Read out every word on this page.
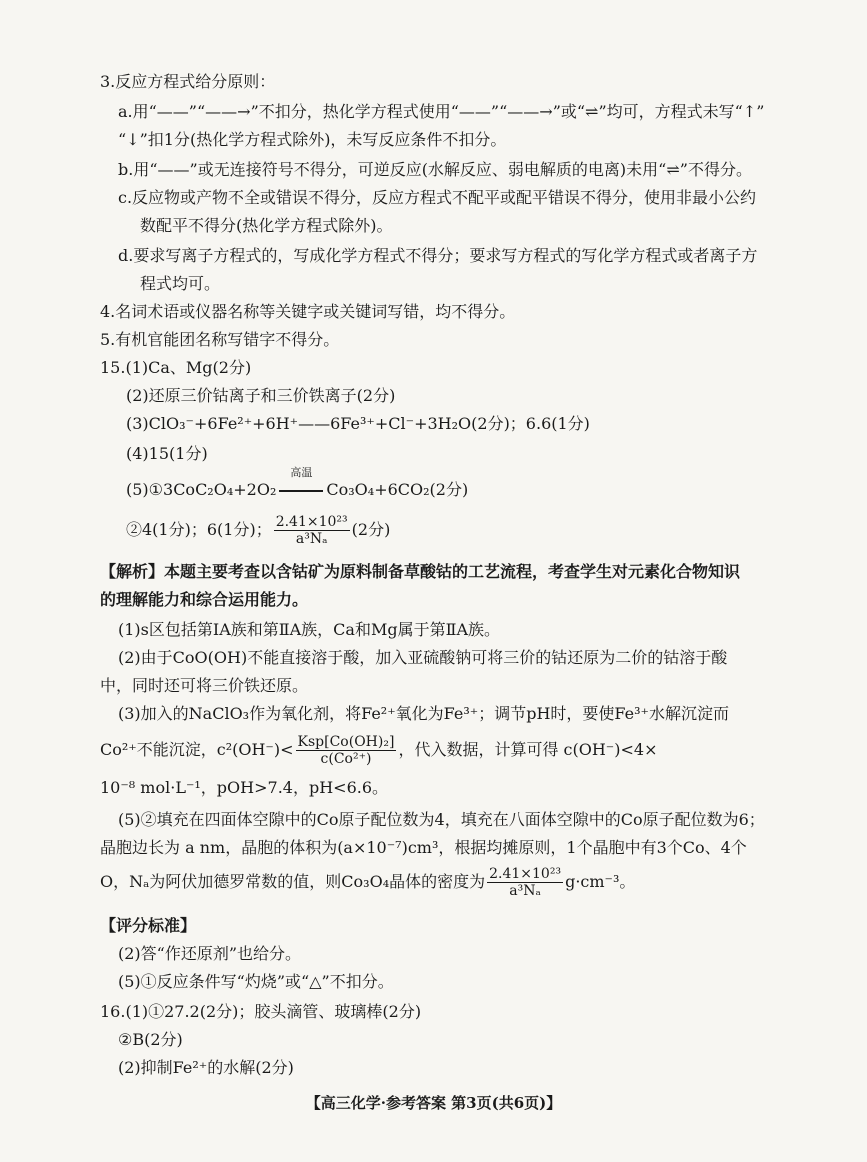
3.反应方程式给分原则：
a.用“——”“——→”不扣分，热化学方程式使用“——”“——→”或“⇌”均可，方程式未写“↑”
“↓”扣1分(热化学方程式除外)，未写反应条件不扣分。
b.用“——”或无连接符号不得分，可逆反应(水解反应、弱电解质的电离)未用“⇌”不得分。
c.反应物或产物不全或错误不得分，反应方程式不配平或配平错误不得分，使用非最小公约
数配平不得分(热化学方程式除外)。
d.要求写离子方程式的，写成化学方程式不得分；要求写方程式的写化学方程式或者离子方
程式均可。
4.名词术语或仪器名称等关键字或关键词写错，均不得分。
5.有机官能团名称写错字不得分。
15.(1)Ca、Mg(2分)
(2)还原三价钴离子和三价铁离子(2分)
(3)ClO₃⁻+6Fe²⁺+6H⁺——6Fe³⁺+Cl⁻+3H₂O(2分)；6.6(1分)
(4)15(1分)
(5)①3CoC₂O₄+2O₂
高温
Co₃O₄+6CO₂(2分)
②4(1分)；6(1分)； $\frac{\text{2.41×10²³}}{\text{a³Nₐ}} (2$分)
【解析】本题主要考查以含钴矿为原料制备草酸钴的工艺流程，考查学生对元素化合物知识
的理解能力和综合运用能力。
(1)s区包括第ⅠA族和第ⅡA族，Ca和Mg属于第ⅡA族。
(2)由于CoO(OH)不能直接溶于酸，加入亚硫酸钠可将三价的钴还原为二价的钴溶于酸
中，同时还可将三价铁还原。
(3)加入的NaClO₃作为氧化剂，将Fe²⁺氧化为Fe³⁺；调节pH时，要使Fe³⁺水解沉淀而
Co²⁺不能沉淀，$c^2(OH^-)< \frac{\text{Ksp[Co(OH)₂]}}{\text{c(Co²⁺)}}$ ，代入数据，计算可得 c(OH⁻)<4×
10⁻⁸ mol·L⁻¹，pOH>7.4，pH<6.6。
(5)②填充在四面体空隙中的Co原子配位数为4，填充在八面体空隙中的Co原子配位数为6；
晶胞边长为 a nm，晶胞的体积为(a×10⁻⁷)cm³，根据均摊原则，1个晶胞中有3个Co、4个
O，Nₐ为阿伏加德罗常数的值，则Co₃O₄晶体的密度为 $\frac{\text{2.41×10²³}}{\text{a³Nₐ}} g\cdot cm^{-3}$。
【评分标准】
(2)答“作还原剂”也给分。
(5)①反应条件写“灼烧”或“△”不扣分。
16.(1)①27.2(2分)；胶头滴管、玻璃棒(2分)
②B(2分)
(2)抑制Fe²⁺的水解(2分)
【高三化学·参考答案 第3页(共6页)】
